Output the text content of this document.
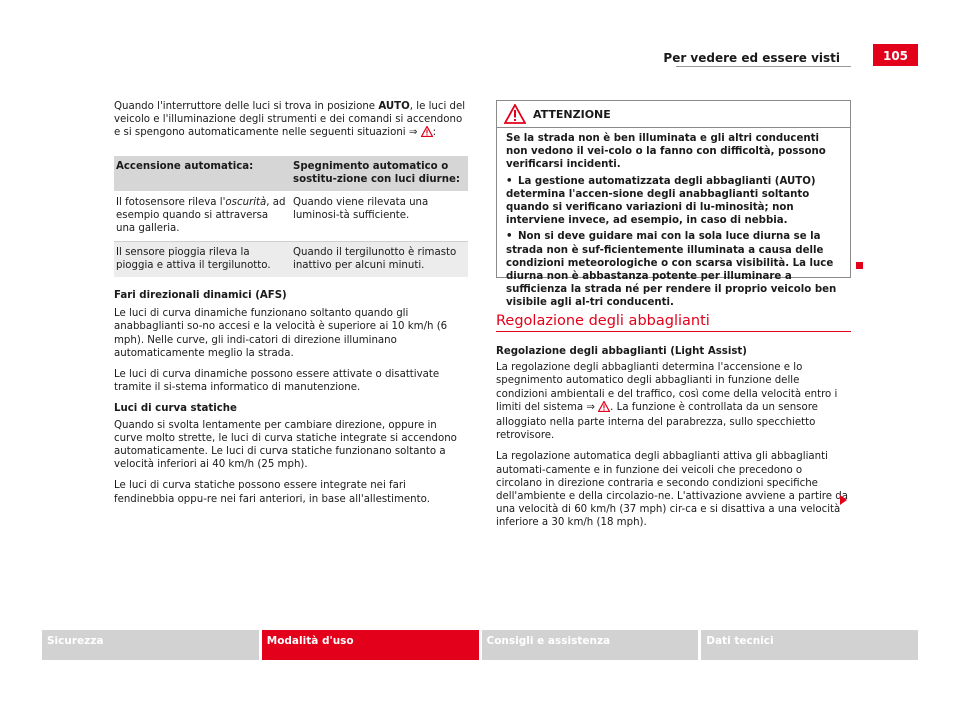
Per vedere ed essere visti	105

Quando l'interruttore delle luci si trova in posizione AUTO, le luci del veicolo e l'illuminazione degli strumenti e dei comandi si accendono e si spengono automaticamente nelle seguenti situazioni ⇒ :

Accensione automatica:	Spegnimento automatico o sostitu-zione con luci diurne:
Il fotosensore rileva l'oscurità, ad esempio quando si attraversa una galleria.	Quando viene rilevata una luminosi-tà sufficiente.
Il sensore pioggia rileva la pioggia e attiva il tergilunotto.	Quando il tergilunotto è rimasto inattivo per alcuni minuti.

Fari direzionali dinamici (AFS)

Le luci di curva dinamiche funzionano soltanto quando gli anabbaglianti so-no accesi e la velocità è superiore ai 10 km/h (6 mph). Nelle curve, gli indi-catori di direzione illuminano automaticamente meglio la strada.

Le luci di curva dinamiche possono essere attivate o disattivate tramite il si-stema informatico di manutenzione.

Luci di curva statiche

Quando si svolta lentamente per cambiare direzione, oppure in curve molto strette, le luci di curva statiche integrate si accendono automaticamente. Le luci di curva statiche funzionano soltanto a velocità inferiori ai 40 km/h (25 mph).

Le luci di curva statiche possono essere integrate nei fari fendinebbia oppu-re nei fari anteriori, in base all'allestimento.

ATTENZIONE

Se la strada non è ben illuminata e gli altri conducenti non vedono il vei-colo o la fanno con difficoltà, possono verificarsi incidenti.

• La gestione automatizzata degli abbaglianti (AUTO) determina l'accen-sione degli anabbaglianti soltanto quando si verificano variazioni di lu-minosità; non interviene invece, ad esempio, in caso di nebbia.

• Non si deve guidare mai con la sola luce diurna se la strada non è suf-ficientemente illuminata a causa delle condizioni meteorologiche o con scarsa visibilità. La luce diurna non è abbastanza potente per illuminare a sufficienza la strada né per rendere il proprio veicolo ben visibile agli al-tri conducenti.

Regolazione degli abbaglianti

Regolazione degli abbaglianti (Light Assist)

La regolazione degli abbaglianti determina l'accensione e lo spegnimento automatico degli abbaglianti in funzione delle condizioni ambientali e del traffico, così come della velocità entro i limiti del sistema ⇒ . La funzione è controllata da un sensore alloggiato nella parte interna del parabrezza, sullo specchietto retrovisore.

La regolazione automatica degli abbaglianti attiva gli abbaglianti automati-camente e in funzione dei veicoli che precedono o circolano in direzione contraria e secondo condizioni specifiche dell'ambiente e della circolazio-ne. L'attivazione avviene a partire da una velocità di 60 km/h (37 mph) cir-ca e si disattiva a una velocità inferiore a 30 km/h (18 mph).

Sicurezza	Modalità d'uso	Consigli e assistenza	Dati tecnici
